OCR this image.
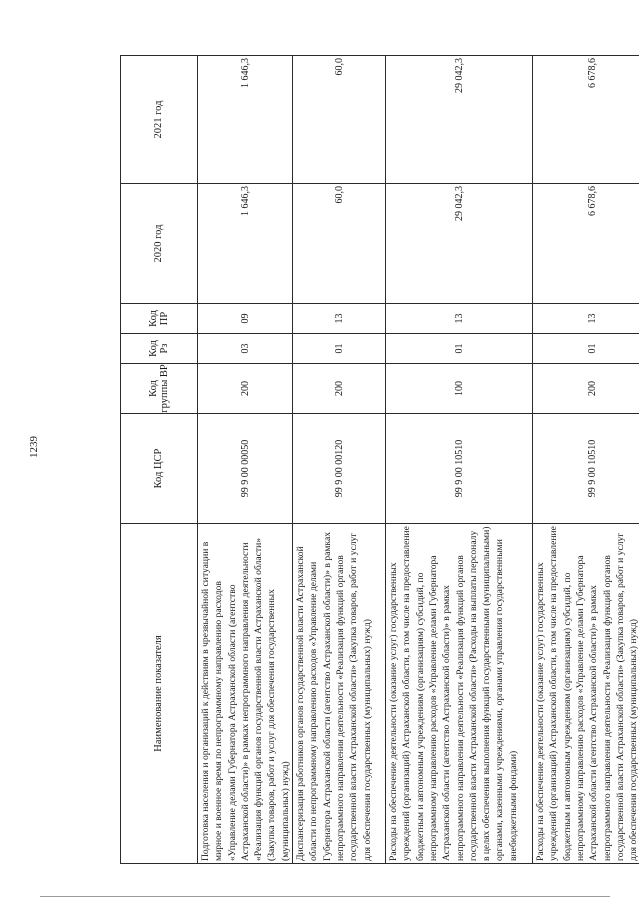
1239
Наименование показателя	Код ЦСР	Код группы ВР	Код Рз	Код ПР	2020 год	2021 год
Подготовка населения и организаций к действиям в чрезвычайной ситуации в мирное и военное время по непрограммному направлению расходов «Управление делами Губернатора Астраханской области (агентство Астраханской области)» в рамках непрограммного направления деятельности «Реализация функций органов государственной власти Астраханской области» (Закупка товаров, работ и услуг для обеспечения государственных (муниципальных) нужд)	99 9 00 00050	200	03	09	1 646,3	1 646,3
Диспансеризация работников органов государственной власти Астраханской области по непрограммному направлению расходов «Управление делами Губернатора Астраханской области (агентство Астраханской области)» в рамках непрограммного направления деятельности «Реализация функций органов государственной власти Астраханской области» (Закупка товаров, работ и услуг для обеспечения государственных (муниципальных) нужд)	99 9 00 00120	200	01	13	60,0	60,0
Расходы на обеспечение деятельности (оказание услуг) государственных учреждений (организаций) Астраханской области, в том числе на предоставление бюджетным и автономным учреждениям (организациям) субсидий, по непрограммному направлению расходов «Управление делами Губернатора Астраханской области (агентство Астраханской области)» в рамках непрограммного направления деятельности «Реализация функций органов государственной власти Астраханской области» (Расходы на выплаты персоналу в целях обеспечения выполнения функций государственными (муниципальными) органами, казенными учреждениями, органами управления государственными внебюджетными фондами)	99 9 00 10510	100	01	13	29 042,3	29 042,3
Расходы на обеспечение деятельности (оказание услуг) государственных учреждений (организаций) Астраханской области, в том числе на предоставление бюджетным и автономным учреждениям (организациям) субсидий, по непрограммному направлению расходов «Управление делами Губернатора Астраханской области (агентство Астраханской области)» в рамках непрограммного направления деятельности «Реализация функций органов государственной власти Астраханской области» (Закупка товаров, работ и услуг для обеспечения государственных (муниципальных) нужд)	99 9 00 10510	200	01	13	6 678,6	6 678,6
